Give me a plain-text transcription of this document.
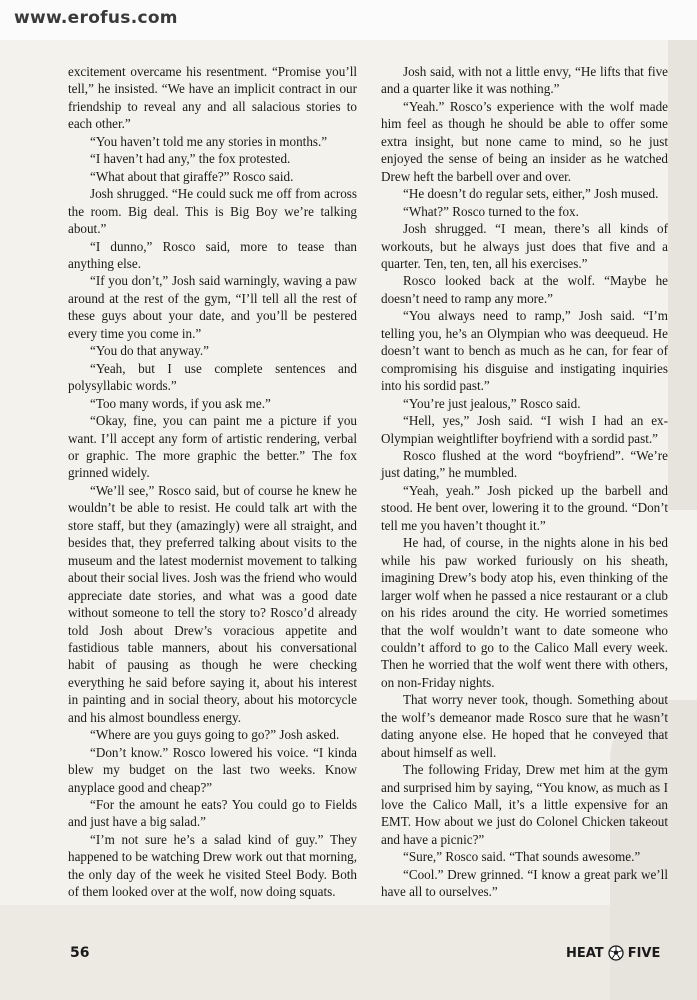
www.erofus.com

excitement overcame his resentment. “Promise you’ll tell,” he insisted. “We have an implicit contract in our friendship to reveal any and all salacious stories to each other.”

“You haven’t told me any stories in months.”

“I haven’t had any,” the fox protested.

“What about that giraffe?” Rosco said.

Josh shrugged. “He could suck me off from across the room. Big deal. This is Big Boy we’re talking about.”

“I dunno,” Rosco said, more to tease than anything else.

“If you don’t,” Josh said warningly, waving a paw around at the rest of the gym, “I’ll tell all the rest of these guys about your date, and you’ll be pestered every time you come in.”

“You do that anyway.”

“Yeah, but I use complete sentences and polysyllabic words.”

“Too many words, if you ask me.”

“Okay, fine, you can paint me a picture if you want. I’ll accept any form of artistic rendering, verbal or graphic. The more graphic the better.” The fox grinned widely.

“We’ll see,” Rosco said, but of course he knew he wouldn’t be able to resist. He could talk art with the store staff, but they (amazingly) were all straight, and besides that, they preferred talking about visits to the museum and the latest modernist movement to talking about their social lives. Josh was the friend who would appreciate date stories, and what was a good date without someone to tell the story to? Rosco’d already told Josh about Drew’s voracious appetite and fastidious table manners, about his conversational habit of pausing as though he were checking everything he said before saying it, about his interest in painting and in social theory, about his motorcycle and his almost boundless energy.

“Where are you guys going to go?” Josh asked.

“Don’t know.” Rosco lowered his voice. “I kinda blew my budget on the last two weeks. Know anyplace good and cheap?”

“For the amount he eats? You could go to Fields and just have a big salad.”

“I’m not sure he’s a salad kind of guy.” They happened to be watching Drew work out that morning, the only day of the week he visited Steel Body. Both of them looked over at the wolf, now doing squats.

Josh said, with not a little envy, “He lifts that five and a quarter like it was nothing.”

“Yeah.” Rosco’s experience with the wolf made him feel as though he should be able to offer some extra insight, but none came to mind, so he just enjoyed the sense of being an insider as he watched Drew heft the barbell over and over.

“He doesn’t do regular sets, either,” Josh mused.

“What?” Rosco turned to the fox.

Josh shrugged. “I mean, there’s all kinds of workouts, but he always just does that five and a quarter. Ten, ten, ten, all his exercises.”

Rosco looked back at the wolf. “Maybe he doesn’t need to ramp any more.”

“You always need to ramp,” Josh said. “I’m telling you, he’s an Olympian who was deequeud. He doesn’t want to bench as much as he can, for fear of compromising his disguise and instigating inquiries into his sordid past.”

“You’re just jealous,” Rosco said.

“Hell, yes,” Josh said. “I wish I had an ex-Olympian weightlifter boyfriend with a sordid past.”

Rosco flushed at the word “boyfriend”. “We’re just dating,” he mumbled.

“Yeah, yeah.” Josh picked up the barbell and stood. He bent over, lowering it to the ground. “Don’t tell me you haven’t thought it.”

He had, of course, in the nights alone in his bed while his paw worked furiously on his sheath, imagining Drew’s body atop his, even thinking of the larger wolf when he passed a nice restaurant or a club on his rides around the city. He worried sometimes that the wolf wouldn’t want to date someone who couldn’t afford to go to the Calico Mall every week. Then he worried that the wolf went there with others, on non-Friday nights.

That worry never took, though. Something about the wolf’s demeanor made Rosco sure that he wasn’t dating anyone else. He hoped that he conveyed that about himself as well.

The following Friday, Drew met him at the gym and surprised him by saying, “You know, as much as I love the Calico Mall, it’s a little expensive for an EMT. How about we just do Colonel Chicken takeout and have a picnic?”

“Sure,” Rosco said. “That sounds awesome.”

“Cool.” Drew grinned. “I know a great park we’ll have all to ourselves.”

56	HEAT FIVE
